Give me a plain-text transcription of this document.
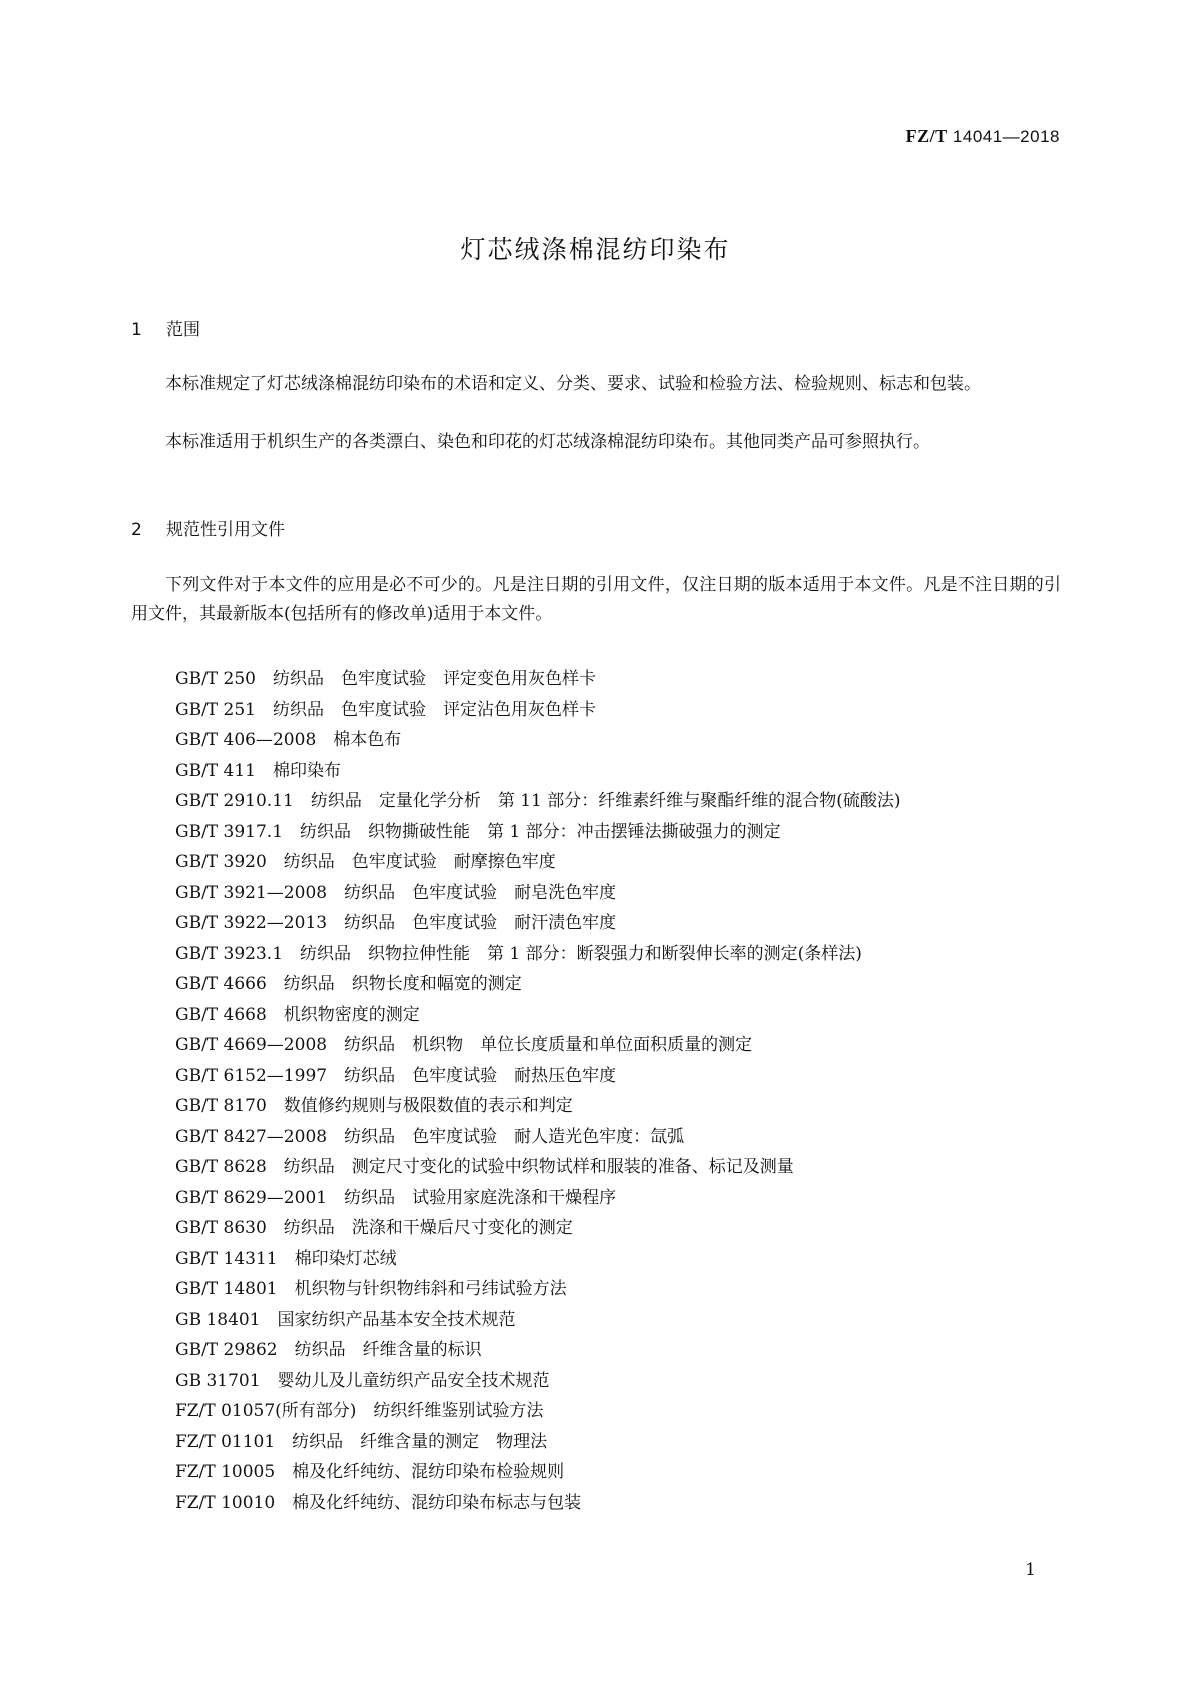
FZ/T 14041—2018
灯芯绒涤棉混纺印染布
1 范围
本标准规定了灯芯绒涤棉混纺印染布的术语和定义、分类、要求、试验和检验方法、检验规则、标志和包装。
本标准适用于机织生产的各类漂白、染色和印花的灯芯绒涤棉混纺印染布。其他同类产品可参照执行。
2 规范性引用文件
下列文件对于本文件的应用是必不可少的。凡是注日期的引用文件，仅注日期的版本适用于本文件。凡是不注日期的引用文件，其最新版本(包括所有的修改单)适用于本文件。
GB/T 250　纺织品　色牢度试验　评定变色用灰色样卡
GB/T 251　纺织品　色牢度试验　评定沾色用灰色样卡
GB/T 406—2008　棉本色布
GB/T 411　棉印染布
GB/T 2910.11　纺织品　定量化学分析　第 11 部分：纤维素纤维与聚酯纤维的混合物(硫酸法)
GB/T 3917.1　纺织品　织物撕破性能　第 1 部分：冲击摆锤法撕破强力的测定
GB/T 3920　纺织品　色牢度试验　耐摩擦色牢度
GB/T 3921—2008　纺织品　色牢度试验　耐皂洗色牢度
GB/T 3922—2013　纺织品　色牢度试验　耐汗渍色牢度
GB/T 3923.1　纺织品　织物拉伸性能　第 1 部分：断裂强力和断裂伸长率的测定(条样法)
GB/T 4666　纺织品　织物长度和幅宽的测定
GB/T 4668　机织物密度的测定
GB/T 4669—2008　纺织品　机织物　单位长度质量和单位面积质量的测定
GB/T 6152—1997　纺织品　色牢度试验　耐热压色牢度
GB/T 8170　数值修约规则与极限数值的表示和判定
GB/T 8427—2008　纺织品　色牢度试验　耐人造光色牢度：氙弧
GB/T 8628　纺织品　测定尺寸变化的试验中织物试样和服装的准备、标记及测量
GB/T 8629—2001　纺织品　试验用家庭洗涤和干燥程序
GB/T 8630　纺织品　洗涤和干燥后尺寸变化的测定
GB/T 14311　棉印染灯芯绒
GB/T 14801　机织物与针织物纬斜和弓纬试验方法
GB 18401　国家纺织产品基本安全技术规范
GB/T 29862　纺织品　纤维含量的标识
GB 31701　婴幼儿及儿童纺织产品安全技术规范
FZ/T 01057(所有部分)　纺织纤维鉴别试验方法
FZ/T 01101　纺织品　纤维含量的测定　物理法
FZ/T 10005　棉及化纤纯纺、混纺印染布检验规则
FZ/T 10010　棉及化纤纯纺、混纺印染布标志与包装
1
